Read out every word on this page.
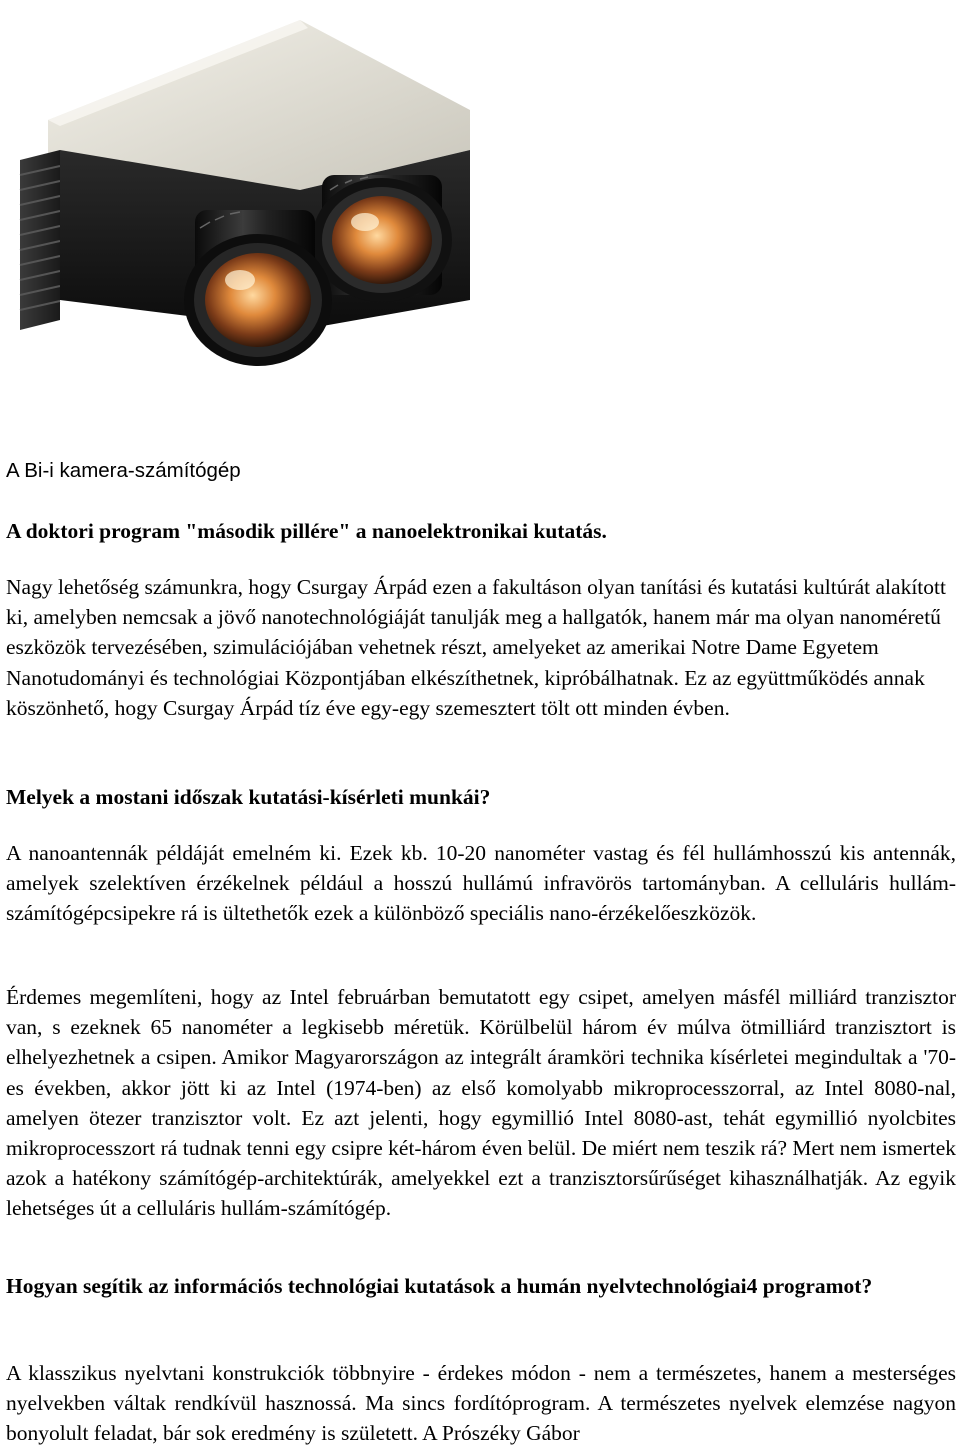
A Bi-i kamera-számítógép

A doktori program "második pillére" a nanoelektronikai kutatás.

Nagy lehetőség számunkra, hogy Csurgay Árpád ezen a fakultáson olyan tanítási és kutatási kultúrát alakított ki, amelyben nemcsak a jövő nanotechnológiáját tanulják meg a hallgatók, hanem már ma olyan nanoméretű eszközök tervezésében, szimulációjában vehetnek részt, amelyeket az amerikai Notre Dame Egyetem Nanotudományi és technológiai Központjában elkészíthetnek, kipróbálhatnak. Ez az együttműködés annak köszönhető, hogy Csurgay Árpád tíz éve egy-egy szemesztert tölt ott minden évben.

Melyek a mostani időszak kutatási-kísérleti munkái?

A nanoantennák példáját emelném ki. Ezek kb. 10-20 nanométer vastag és fél hullámhosszú kis antennák, amelyek szelektíven érzékelnek például a hosszú hullámú infravörös tartományban. A celluláris hullám-számítógépcsipekre rá is ültethetők ezek a különböző speciális nano-érzékelőeszközök.

Érdemes megemlíteni, hogy az Intel februárban bemutatott egy csipet, amelyen másfél milliárd tranzisztor van, s ezeknek 65 nanométer a legkisebb méretük. Körülbelül három év múlva ötmilliárd tranzisztort is elhelyezhetnek a csipen. Amikor Magyarországon az integrált áramköri technika kísérletei megindultak a '70-es években, akkor jött ki az Intel (1974-ben) az első komolyabb mikroprocesszorral, az Intel 8080-nal, amelyen ötezer tranzisztor volt. Ez azt jelenti, hogy egymillió Intel 8080-ast, tehát egymillió nyolcbites mikroprocesszort rá tudnak tenni egy csipre két-három éven belül. De miért nem teszik rá? Mert nem ismertek azok a hatékony számítógép-architektúrák, amelyekkel ezt a tranzisztorsűrűséget kihasználhatják. Az egyik lehetséges út a celluláris hullám-számítógép.

Hogyan segítik az információs technológiai kutatások a humán nyelvtechnológiai4 programot?

A klasszikus nyelvtani konstrukciók többnyire - érdekes módon - nem a természetes, hanem a mesterséges nyelvekben váltak rendkívül hasznossá. Ma sincs fordítóprogram. A természetes nyelvek elemzése nagyon bonyolult feladat, bár sok eredmény is született. A Prószéky Gábor
